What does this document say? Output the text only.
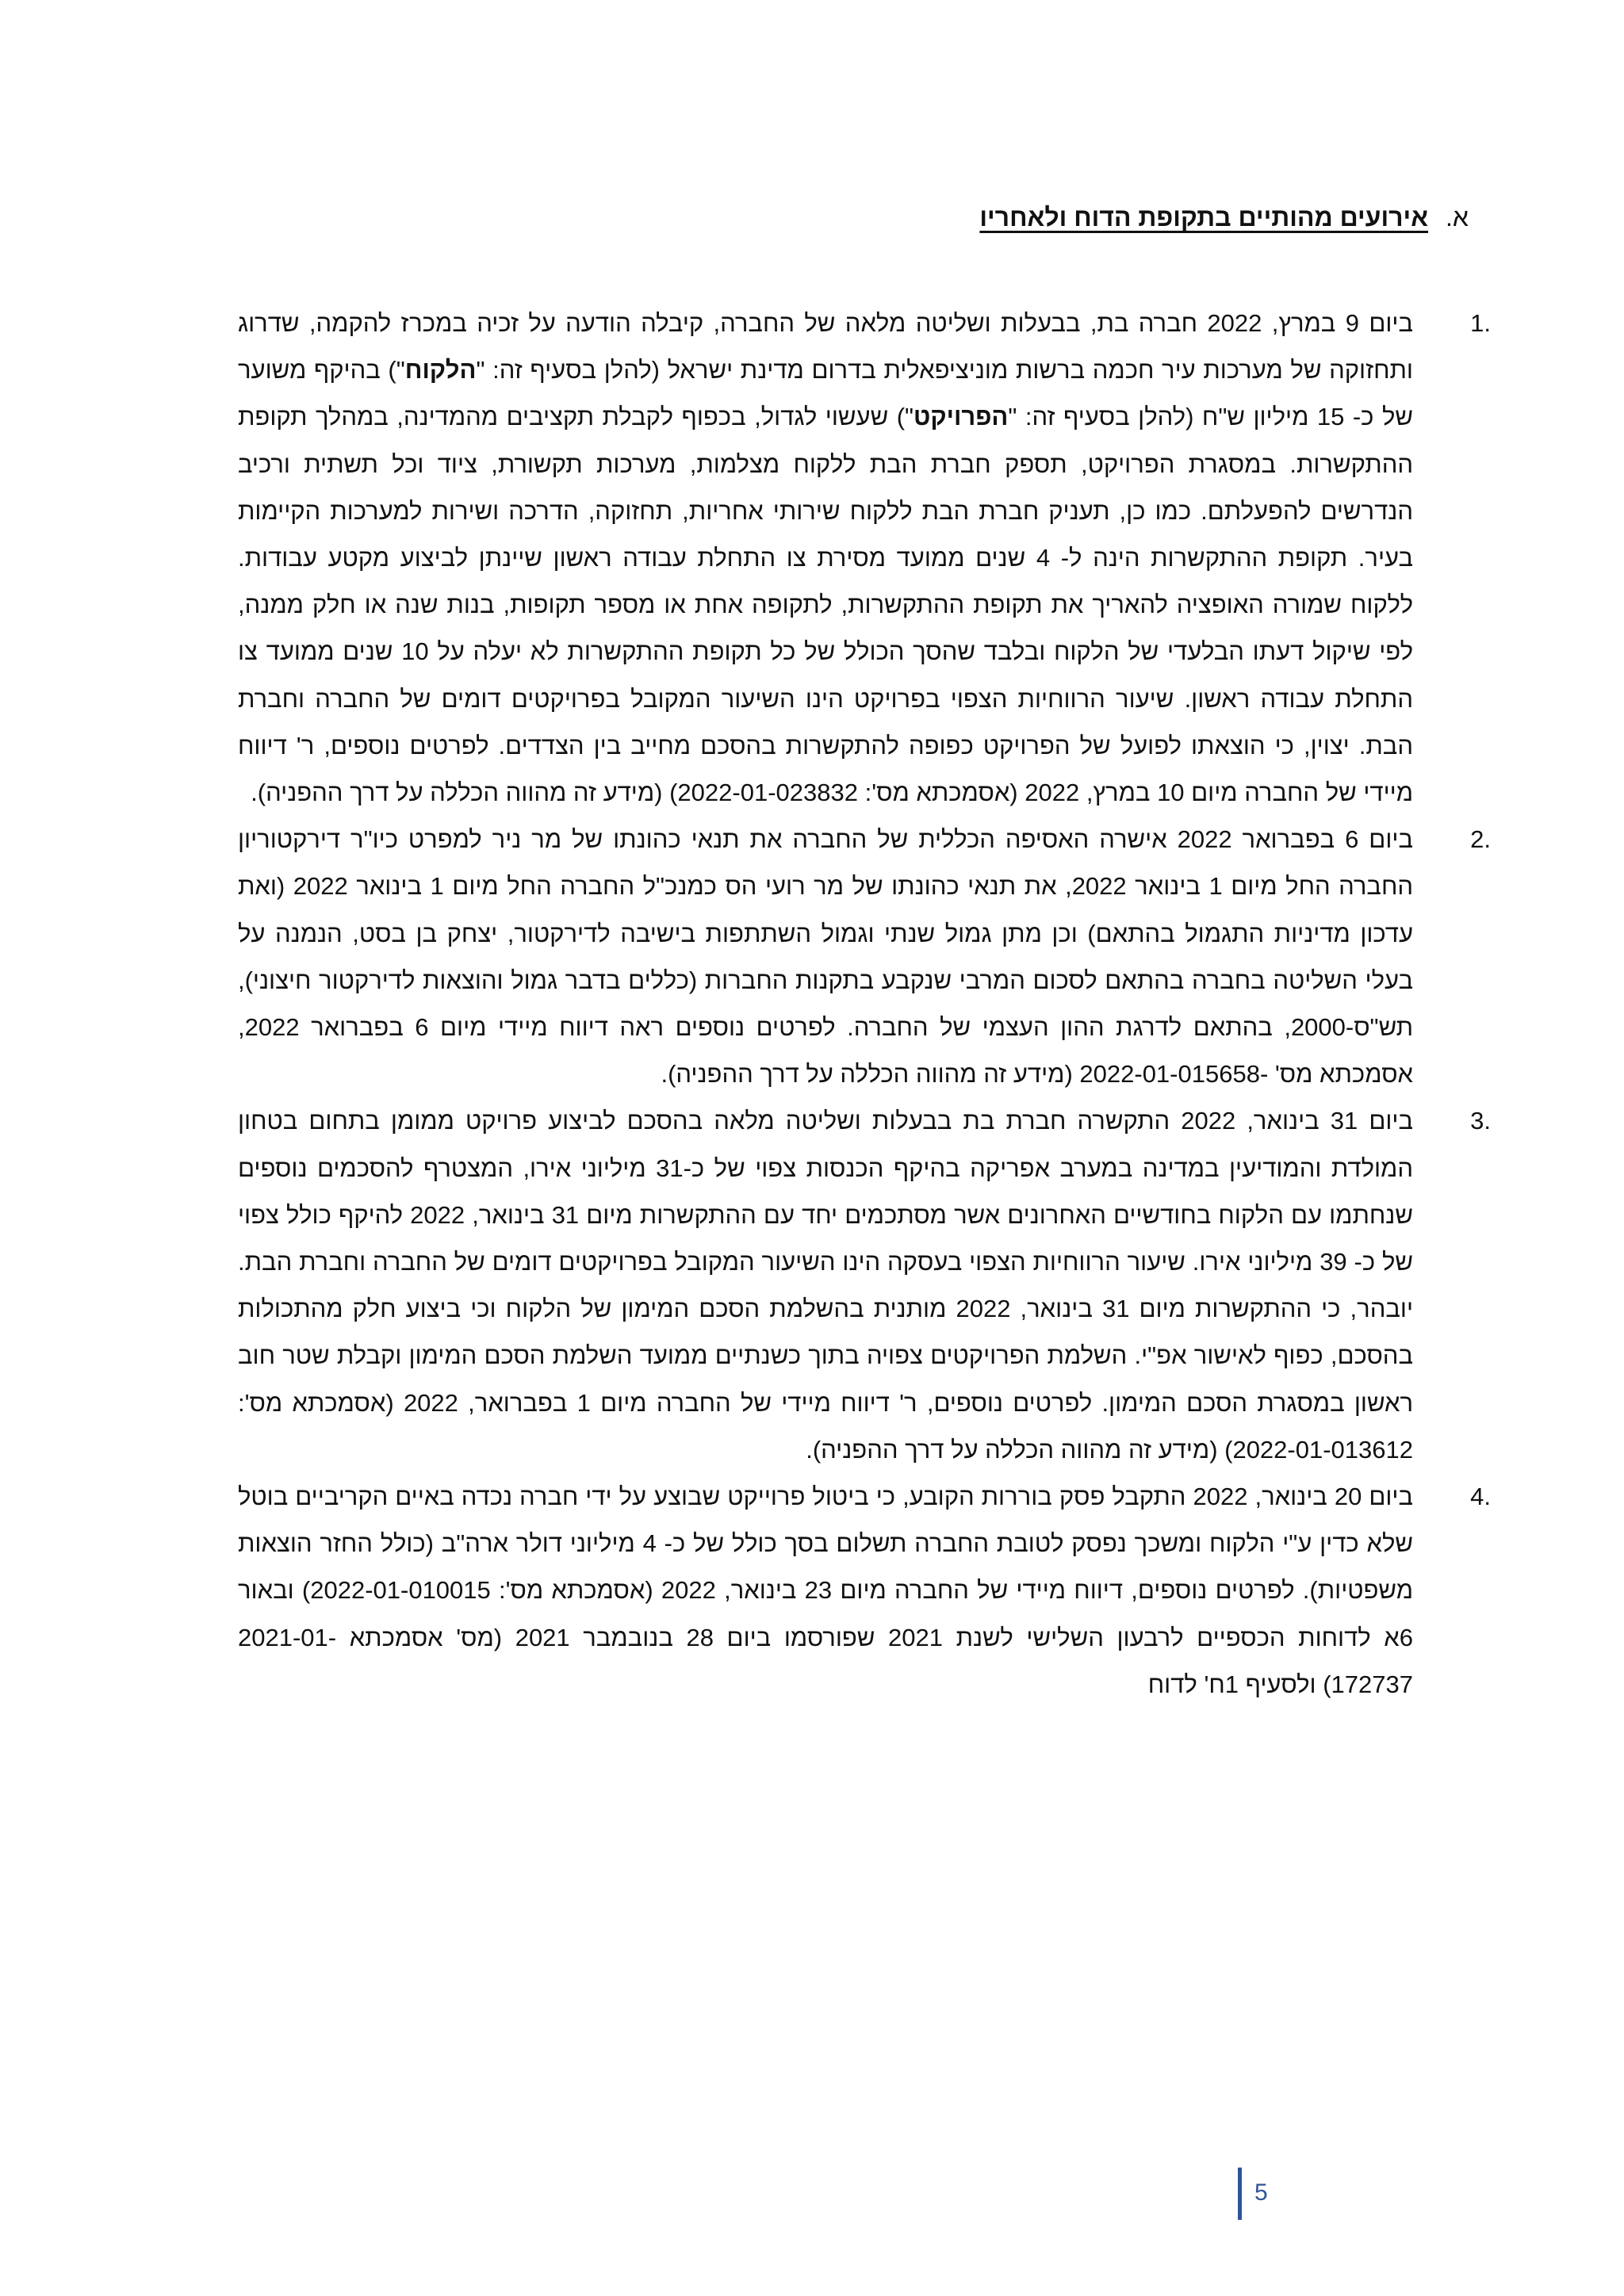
א.אירועים מהותיים בתקופת הדוח ולאחריו
1.
ביום 9 במרץ, 2022 חברה בת, בבעלות ושליטה מלאה של החברה, קיבלה הודעה על זכיה במכרז להקמה, שדרוג ותחזוקה של מערכות עיר חכמה ברשות מוניציפאלית בדרום מדינת ישראל (להלן בסעיף זה: "הלקוח") בהיקף משוער של כ- 15 מיליון ש"ח (להלן בסעיף זה: "הפרויקט") שעשוי לגדול, בכפוף לקבלת תקציבים מהמדינה, במהלך תקופת ההתקשרות. במסגרת הפרויקט, תספק חברת הבת ללקוח מצלמות, מערכות תקשורת, ציוד וכל תשתית ורכיב הנדרשים להפעלתם. כמו כן, תעניק חברת הבת ללקוח שירותי אחריות, תחזוקה, הדרכה ושירות למערכות הקיימות בעיר. תקופת ההתקשרות הינה ל- 4 שנים ממועד מסירת צו התחלת עבודה ראשון שיינתן לביצוע מקטע עבודות. ללקוח שמורה האופציה להאריך את תקופת ההתקשרות, לתקופה אחת או מספר תקופות, בנות שנה או חלק ממנה, לפי שיקול דעתו הבלעדי של הלקוח ובלבד שהסך הכולל של כל תקופת ההתקשרות לא יעלה על 10 שנים ממועד צו התחלת עבודה ראשון. שיעור הרווחיות הצפוי בפרויקט הינו השיעור המקובל בפרויקטים דומים של החברה וחברת הבת. יצוין, כי הוצאתו לפועל של הפרויקט כפופה להתקשרות בהסכם מחייב בין הצדדים. לפרטים נוספים, ר' דיווח מיידי של החברה מיום 10 במרץ, 2022 (אסמכתא מס': 2022-01-023832) (מידע זה מהווה הכללה על דרך ההפניה).
2.
ביום 6 בפברואר 2022 אישרה האסיפה הכללית של החברה את תנאי כהונתו של מר ניר למפרט כיו"ר דירקטוריון החברה החל מיום 1 בינואר 2022, את תנאי כהונתו של מר רועי הס כמנכ"ל החברה החל מיום 1 בינואר 2022 (ואת עדכון מדיניות התגמול בהתאם) וכן מתן גמול שנתי וגמול השתתפות בישיבה לדירקטור, יצחק בן בסט, הנמנה על בעלי השליטה בחברה בהתאם לסכום המרבי שנקבע בתקנות החברות (כללים בדבר גמול והוצאות לדירקטור חיצוני), תש"ס-2000, בהתאם לדרגת ההון העצמי של החברה. לפרטים נוספים ראה דיווח מיידי מיום 6 בפברואר 2022, אסמכתא מס' -2022-01-015658 (מידע זה מהווה הכללה על דרך ההפניה).
3.
ביום 31 בינואר, 2022 התקשרה חברת בת בבעלות ושליטה מלאה בהסכם לביצוע פרויקט ממומן בתחום בטחון המולדת והמודיעין במדינה במערב אפריקה בהיקף הכנסות צפוי של כ-31 מיליוני אירו, המצטרף להסכמים נוספים שנחתמו עם הלקוח בחודשיים האחרונים אשר מסתכמים יחד עם ההתקשרות מיום 31 בינואר, 2022 להיקף כולל צפוי של כ- 39 מיליוני אירו. שיעור הרווחיות הצפוי בעסקה הינו השיעור המקובל בפרויקטים דומים של החברה וחברת הבת. יובהר, כי ההתקשרות מיום 31 בינואר, 2022 מותנית בהשלמת הסכם המימון של הלקוח וכי ביצוע חלק מהתכולות בהסכם, כפוף לאישור אפ"י. השלמת הפרויקטים צפויה בתוך כשנתיים ממועד השלמת הסכם המימון וקבלת שטר חוב ראשון במסגרת הסכם המימון. לפרטים נוספים, ר' דיווח מיידי של החברה מיום 1 בפברואר, 2022 (אסמכתא מס': 2022-01-013612) (מידע זה מהווה הכללה על דרך ההפניה).
4.
ביום 20 בינואר, 2022 התקבל פסק בוררות הקובע, כי ביטול פרוייקט שבוצע על ידי חברה נכדה באיים הקריביים בוטל שלא כדין ע"י הלקוח ומשכך נפסק לטובת החברה תשלום בסך כולל של כ- 4 מיליוני דולר ארה"ב (כולל החזר הוצאות משפטיות). לפרטים נוספים, דיווח מיידי של החברה מיום 23 בינואר, 2022 (אסמכתא מס': 2022-01-010015) ובאור 6א לדוחות הכספיים לרבעון השלישי לשנת 2021 שפורסמו ביום 28 בנובמבר 2021 (מס' אסמכתא 2021-01-172737) ולסעיף 1ח' לדוח
5
